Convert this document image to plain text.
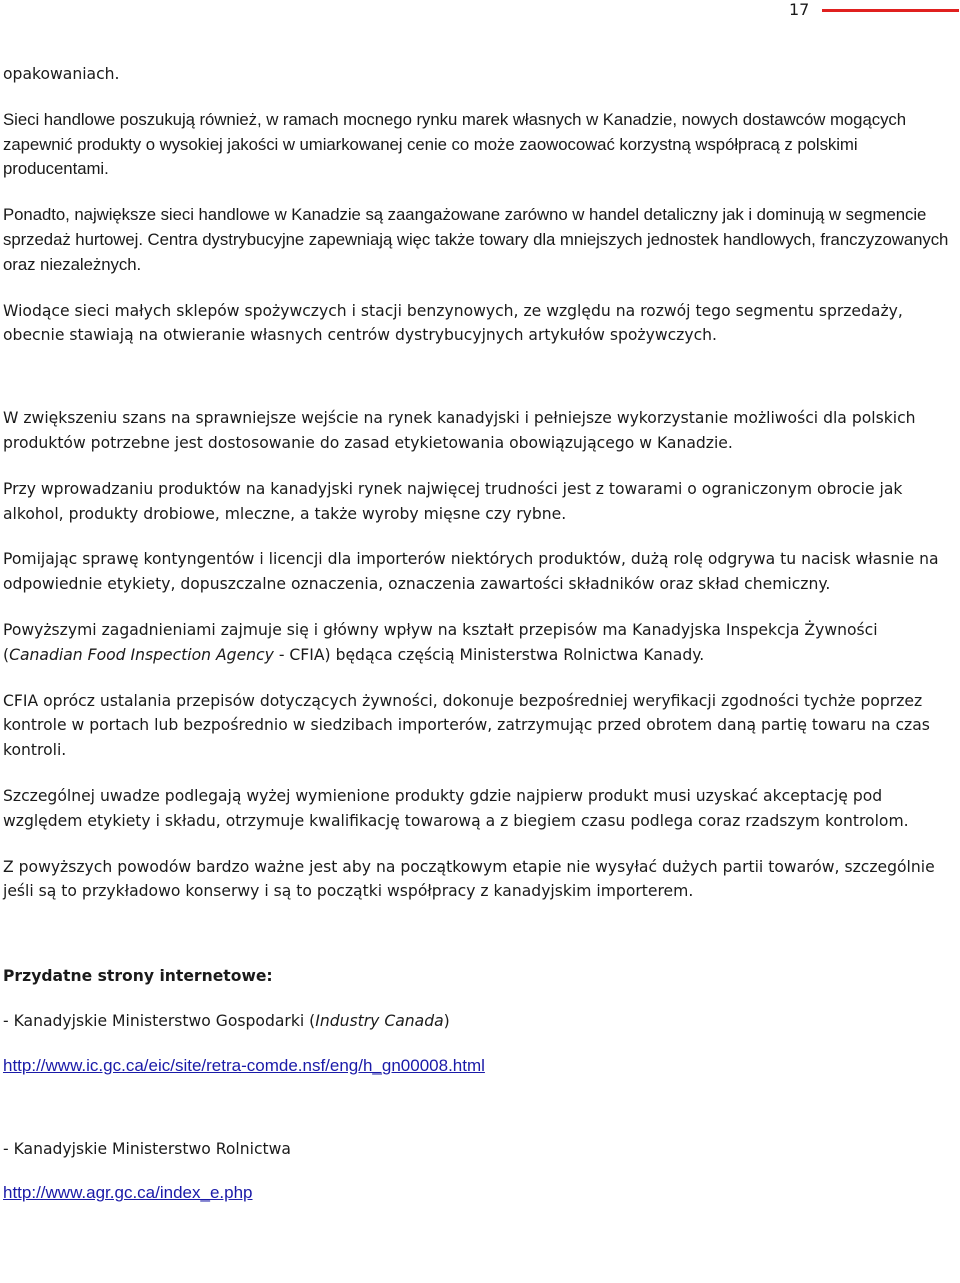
17

opakowaniach.

Sieci handlowe poszukują również, w ramach mocnego rynku marek własnych w Kanadzie, nowych dostawców mogących zapewnić produkty o wysokiej jakości w umiarkowanej cenie co może zaowocować korzystną współpracą z polskimi producentami.

Ponadto, największe sieci handlowe w Kanadzie są zaangażowane zarówno w handel detaliczny jak i dominują w segmencie sprzedaż hurtowej. Centra dystrybucyjne zapewniają więc także towary dla mniejszych jednostek handlowych, franczyzowanych oraz niezależnych.

Wiodące sieci małych sklepów spożywczych i stacji benzynowych, ze względu na rozwój tego segmentu sprzedaży, obecnie stawiają na otwieranie własnych centrów dystrybucyjnych artykułów spożywczych.

W zwiększeniu szans na sprawniejsze wejście na rynek kanadyjski i pełniejsze wykorzystanie możliwości dla polskich produktów potrzebne jest dostosowanie do zasad etykietowania obowiązującego w Kanadzie.

Przy wprowadzaniu produktów na kanadyjski rynek najwięcej trudności jest z towarami o ograniczonym obrocie jak alkohol, produkty drobiowe, mleczne, a także wyroby mięsne czy rybne.

Pomijając sprawę kontyngentów i licencji dla importerów niektórych produktów, dużą rolę odgrywa tu nacisk własnie na odpowiednie etykiety, dopuszczalne oznaczenia, oznaczenia zawartości składników oraz skład chemiczny.

Powyższymi zagadnieniami zajmuje się i główny wpływ na kształt przepisów ma Kanadyjska Inspekcja Żywności (Canadian Food Inspection Agency - CFIA) będąca częścią Ministerstwa Rolnictwa Kanady.

CFIA oprócz ustalania przepisów dotyczących żywności, dokonuje bezpośredniej weryfikacji zgodności tychże poprzez kontrole w portach lub bezpośrednio w siedzibach importerów, zatrzymując przed obrotem daną partię towaru na czas kontroli.

Szczególnej uwadze podlegają wyżej wymienione produkty gdzie najpierw produkt musi uzyskać akceptację pod względem etykiety i składu, otrzymuje kwalifikację towarową a z biegiem czasu podlega coraz rzadszym kontrolom.

Z powyższych powodów bardzo ważne jest aby na początkowym etapie nie wysyłać dużych partii towarów, szczególnie jeśli są to przykładowo konserwy i są to początki współpracy z kanadyjskim importerem.

Przydatne strony internetowe:

- Kanadyjskie Ministerstwo Gospodarki (Industry Canada)

http://www.ic.gc.ca/eic/site/retra-comde.nsf/eng/h_gn00008.html

- Kanadyjskie Ministerstwo Rolnictwa

http://www.agr.gc.ca/index_e.php
